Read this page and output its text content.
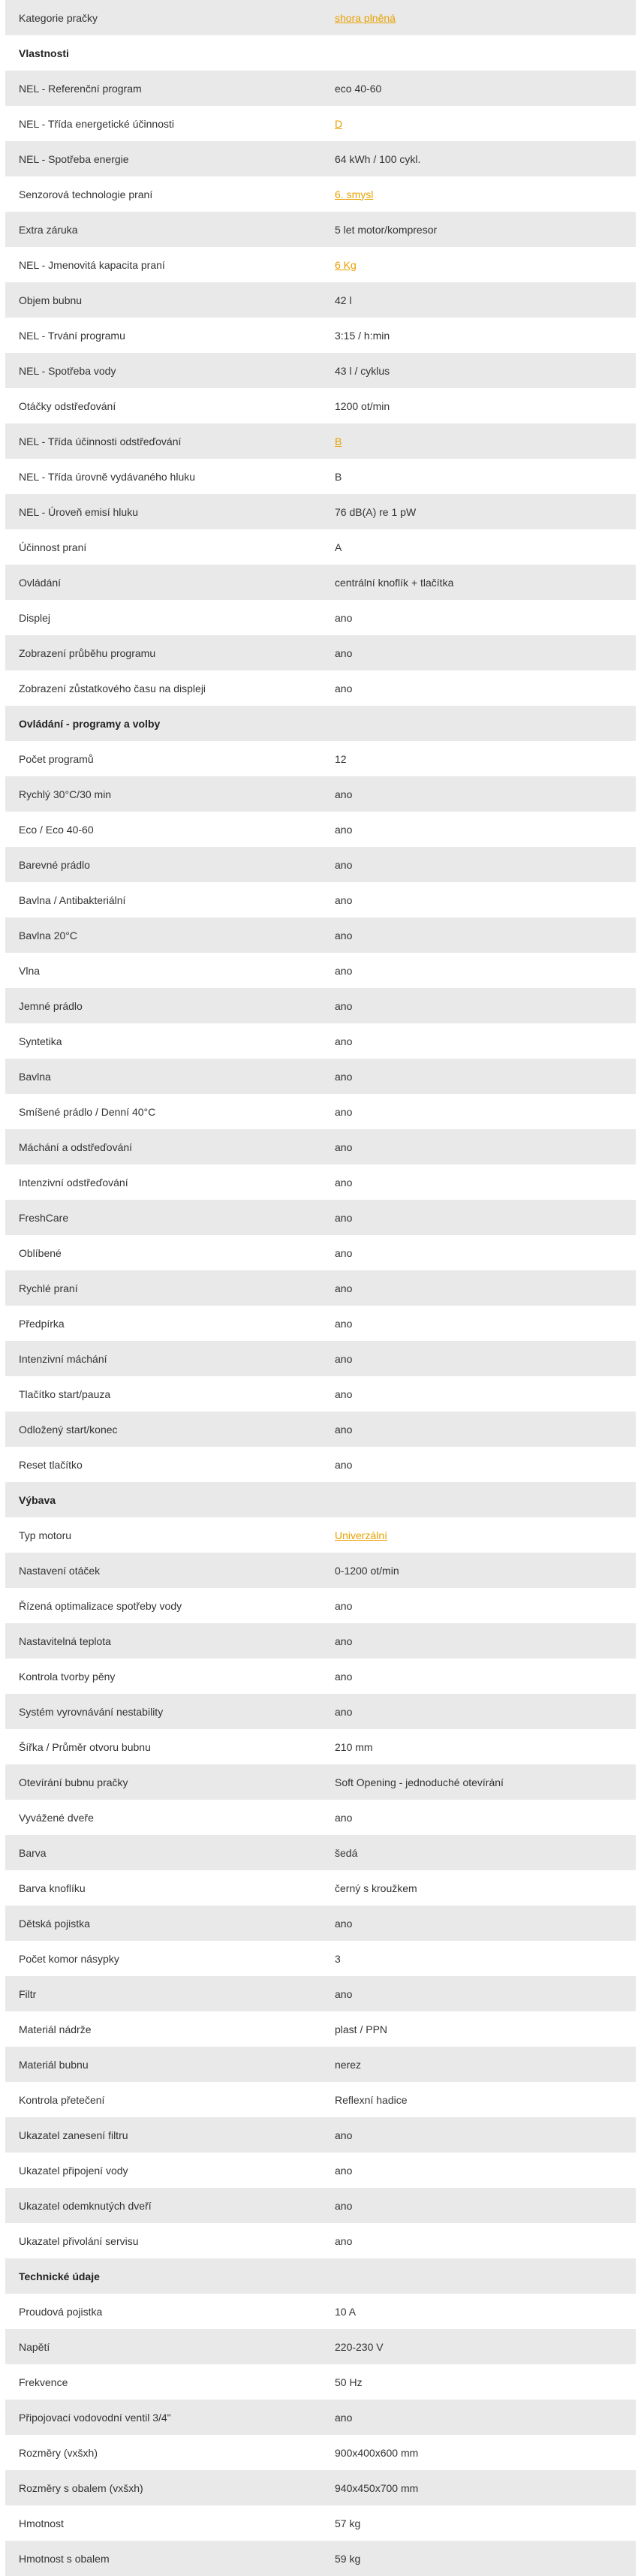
Kategorie pračky	shora plněná
Vlastnosti
NEL - Referenční program	eco 40-60
NEL - Třída energetické účinnosti	D
NEL - Spotřeba energie	64 kWh / 100 cykl.
Senzorová technologie praní	6. smysl
Extra záruka	5 let motor/kompresor
NEL - Jmenovitá kapacita praní	6 Kg
Objem bubnu	42 l
NEL - Trvání programu	3:15 / h:min
NEL - Spotřeba vody	43 l / cyklus
Otáčky odstřeďování	1200 ot/min
NEL - Třída účinnosti odstřeďování	B
NEL - Třída úrovně vydávaného hluku	B
NEL - Úroveň emisí hluku	76 dB(A) re 1 pW
Účinnost praní	A
Ovládání	centrální knoflík + tlačítka
Displej	ano
Zobrazení průběhu programu	ano
Zobrazení zůstatkového času na displeji	ano
Ovládání - programy a volby
Počet programů	12
Rychlý 30°C/30 min	ano
Eco / Eco 40-60	ano
Barevné prádlo	ano
Bavlna / Antibakteriální	ano
Bavlna 20°C	ano
Vlna	ano
Jemné prádlo	ano
Syntetika	ano
Bavlna	ano
Smíšené prádlo / Denní 40°C	ano
Máchání a odstřeďování	ano
Intenzivní odstřeďování	ano
FreshCare	ano
Oblíbené	ano
Rychlé praní	ano
Předpírka	ano
Intenzivní máchání	ano
Tlačítko start/pauza	ano
Odložený start/konec	ano
Reset tlačítko	ano
Výbava
Typ motoru	Univerzální
Nastavení otáček	0-1200 ot/min
Řízená optimalizace spotřeby vody	ano
Nastavitelná teplota	ano
Kontrola tvorby pěny	ano
Systém vyrovnávání nestability	ano
Šířka / Průměr otvoru bubnu	210 mm
Otevírání bubnu pračky	Soft Opening - jednoduché otevírání
Vyvážené dveře	ano
Barva	šedá
Barva knoflíku	černý s kroužkem
Dětská pojistka	ano
Počet komor násypky	3
Filtr	ano
Materiál nádrže	plast / PPN
Materiál bubnu	nerez
Kontrola přetečení	Reflexní hadice
Ukazatel zanesení filtru	ano
Ukazatel připojení vody	ano
Ukazatel odemknutých dveří	ano
Ukazatel přivolání servisu	ano
Technické údaje
Proudová pojistka	10 A
Napětí	220-230 V
Frekvence	50 Hz
Připojovací vodovodní ventil 3/4"	ano
Rozměry (vxšxh)	900x400x600 mm
Rozměry s obalem (vxšxh)	940x450x700 mm
Hmotnost	57 kg
Hmotnost s obalem	59 kg
